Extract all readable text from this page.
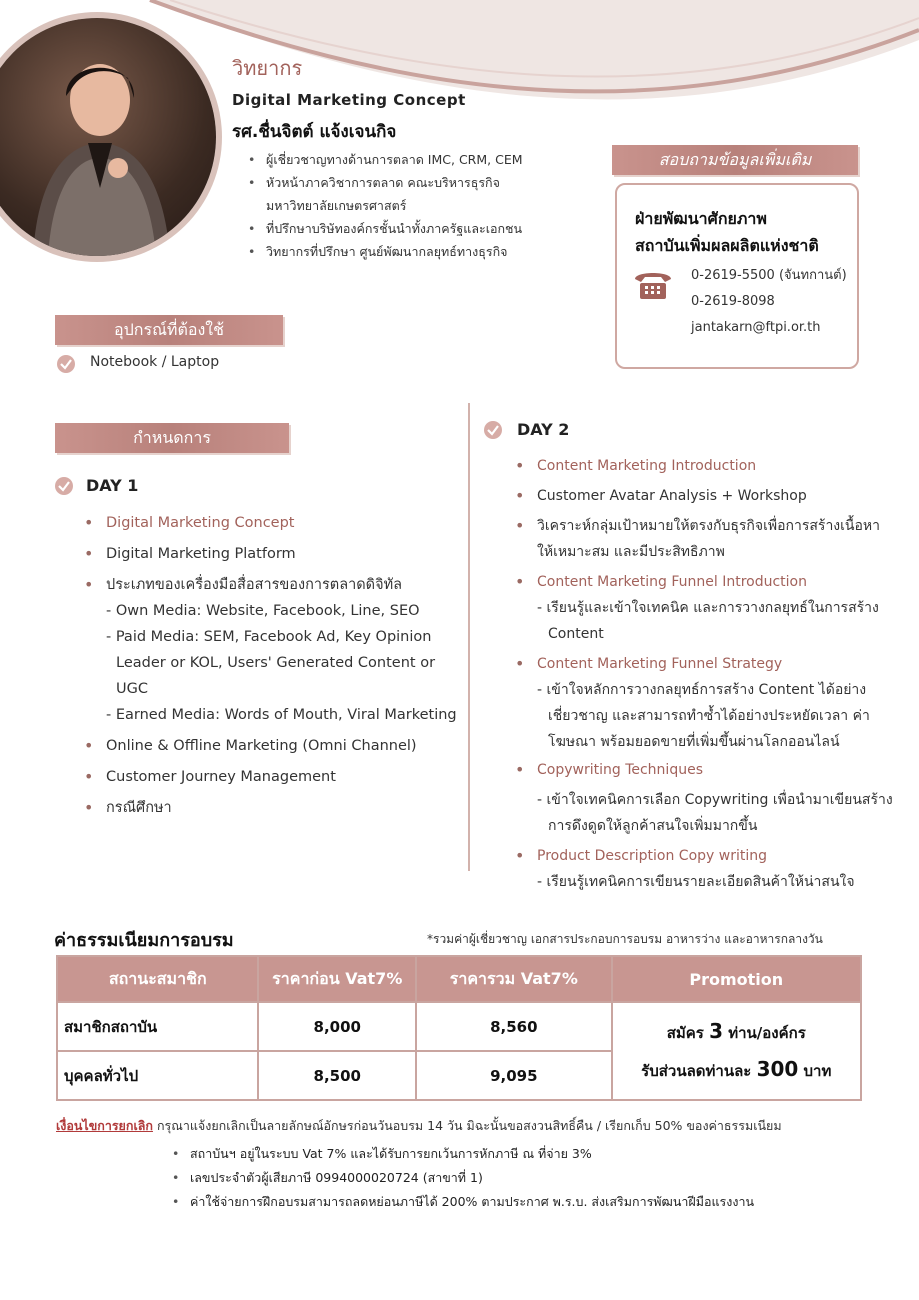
วิทยากร
Digital Marketing Concept
รศ.ชื่นจิตต์ แจ้งเจนกิจ
• ผู้เชี่ยวชาญทางด้านการตลาด IMC, CRM, CEM
• หัวหน้าภาควิชาการตลาด คณะบริหารธุรกิจ
มหาวิทยาลัยเกษตรศาสตร์
• ที่ปรึกษาบริษัทองค์กรชั้นนำทั้งภาครัฐและเอกชน
• วิทยากรที่ปรึกษา ศูนย์พัฒนากลยุทธ์ทางธุรกิจ
สอบถามข้อมูลเพิ่มเติม
ฝ่ายพัฒนาศักยภาพ
สถาบันเพิ่มผลผลิตแห่งชาติ
0-2619-5500 (จันทกานต์)
0-2619-8098
jantakarn@ftpi.or.th
อุปกรณ์ที่ต้องใช้
Notebook / Laptop
กำหนดการ
DAY 1
• Digital Marketing Concept
• Digital Marketing Platform
• ประเภทของเครื่องมือสื่อสารของการตลาดดิจิทัล
- Own Media: Website, Facebook, Line, SEO
- Paid Media: SEM, Facebook Ad, Key Opinion
Leader or KOL, Users' Generated Content or UGC
- Earned Media: Words of Mouth, Viral Marketing
• Online & Offline Marketing (Omni Channel)
• Customer Journey Management
• กรณีศึกษา
DAY 2
• Content Marketing Introduction
• Customer Avatar Analysis + Workshop
• วิเคราะห์กลุ่มเป้าหมายให้ตรงกับธุรกิจเพื่อการสร้างเนื้อหา
ให้เหมาะสม และมีประสิทธิภาพ
• Content Marketing Funnel Introduction
- เรียนรู้และเข้าใจเทคนิค และการวางกลยุทธ์ในการสร้าง
Content
• Content Marketing Funnel Strategy
- เข้าใจหลักการวางกลยุทธ์การสร้าง Content ได้อย่าง
เชี่ยวชาญ และสามารถทำซ้ำได้อย่างประหยัดเวลา ค่า
โฆษณา พร้อมยอดขายที่เพิ่มขึ้นผ่านโลกออนไลน์
• Copywriting Techniques
- เข้าใจเทคนิคการเลือก Copywriting เพื่อนำมาเขียนสร้าง
การดึงดูดให้ลูกค้าสนใจเพิ่มมากขึ้น
• Product Description Copy writing
- เรียนรู้เทคนิคการเขียนรายละเอียดสินค้าให้น่าสนใจ
ค่าธรรมเนียมการอบรม	*รวมค่าผู้เชี่ยวชาญ เอกสารประกอบการอบรม อาหารว่าง และอาหารกลางวัน
สถานะสมาชิก	ราคาก่อน Vat7%	ราคารวม Vat7%	Promotion
สมาชิกสถาบัน	8,000	8,560	สมัคร 3 ท่าน/องค์กร
รับส่วนลดท่านละ 300 บาท
บุคคลทั่วไป	8,500	9,095	
เงื่อนไขการยกเลิก กรุณาแจ้งยกเลิกเป็นลายลักษณ์อักษรก่อนวันอบรม 14 วัน มิฉะนั้นขอสงวนสิทธิ์คืน / เรียกเก็บ 50% ของค่าธรรมเนียม
• สถาบันฯ อยู่ในระบบ Vat 7% และได้รับการยกเว้นการหักภาษี ณ ที่จ่าย 3%
• เลขประจำตัวผู้เสียภาษี 0994000020724 (สาขาที่ 1)
• ค่าใช้จ่ายการฝึกอบรมสามารถลดหย่อนภาษีได้ 200% ตามประกาศ พ.ร.บ. ส่งเสริมการพัฒนาฝีมือแรงงาน
